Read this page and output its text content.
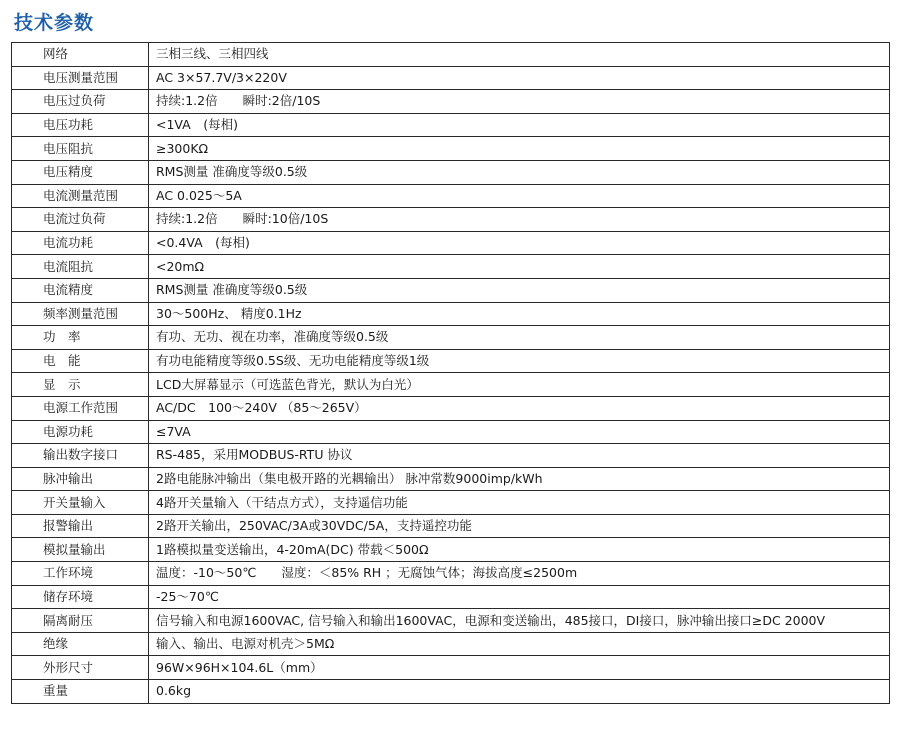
技术参数
网络	三相三线、三相四线
电压测量范围	AC 3×57.7V/3×220V
电压过负荷	持续:1.2倍　　瞬时:2倍/10S
电压功耗	<1VA　(每相)
电压阻抗	≥300KΩ
电压精度	RMS测量 准确度等级0.5级
电流测量范围	AC 0.025～5A
电流过负荷	持续:1.2倍　　瞬时:10倍/10S
电流功耗	<0.4VA　(每相)
电流阻抗	<20mΩ
电流精度	RMS测量 准确度等级0.5级
频率测量范围	30～500Hz、 精度0.1Hz
功　率	有功、无功、视在功率，准确度等级0.5级
电　能	有功电能精度等级0.5S级、无功电能精度等级1级
显　示	LCD大屏幕显示（可选蓝色背光，默认为白光）
电源工作范围	AC/DC　100～240V （85～265V）
电源功耗	≤7VA
输出数字接口	RS-485，采用MODBUS-RTU 协议
脉冲输出	2路电能脉冲输出（集电极开路的光耦输出） 脉冲常数9000imp/kWh
开关量输入	4路开关量输入（干结点方式），支持遥信功能
报警输出	2路开关输出，250VAC/3A或30VDC/5A，支持遥控功能
模拟量输出	1路模拟量变送输出，4-20mA(DC) 带载＜500Ω
工作环境	温度：-10～50℃　　湿度：＜85% RH ；无腐蚀气体；海拔高度≤2500m
储存环境	-25～70℃
隔离耐压	信号输入和电源1600VAC, 信号输入和输出1600VAC，电源和变送输出，485接口，DI接口，脉冲输出接口≥DC 2000V
绝缘	输入、输出、电源对机壳＞5MΩ
外形尺寸	96W×96H×104.6L（mm）
重量	0.6kg
